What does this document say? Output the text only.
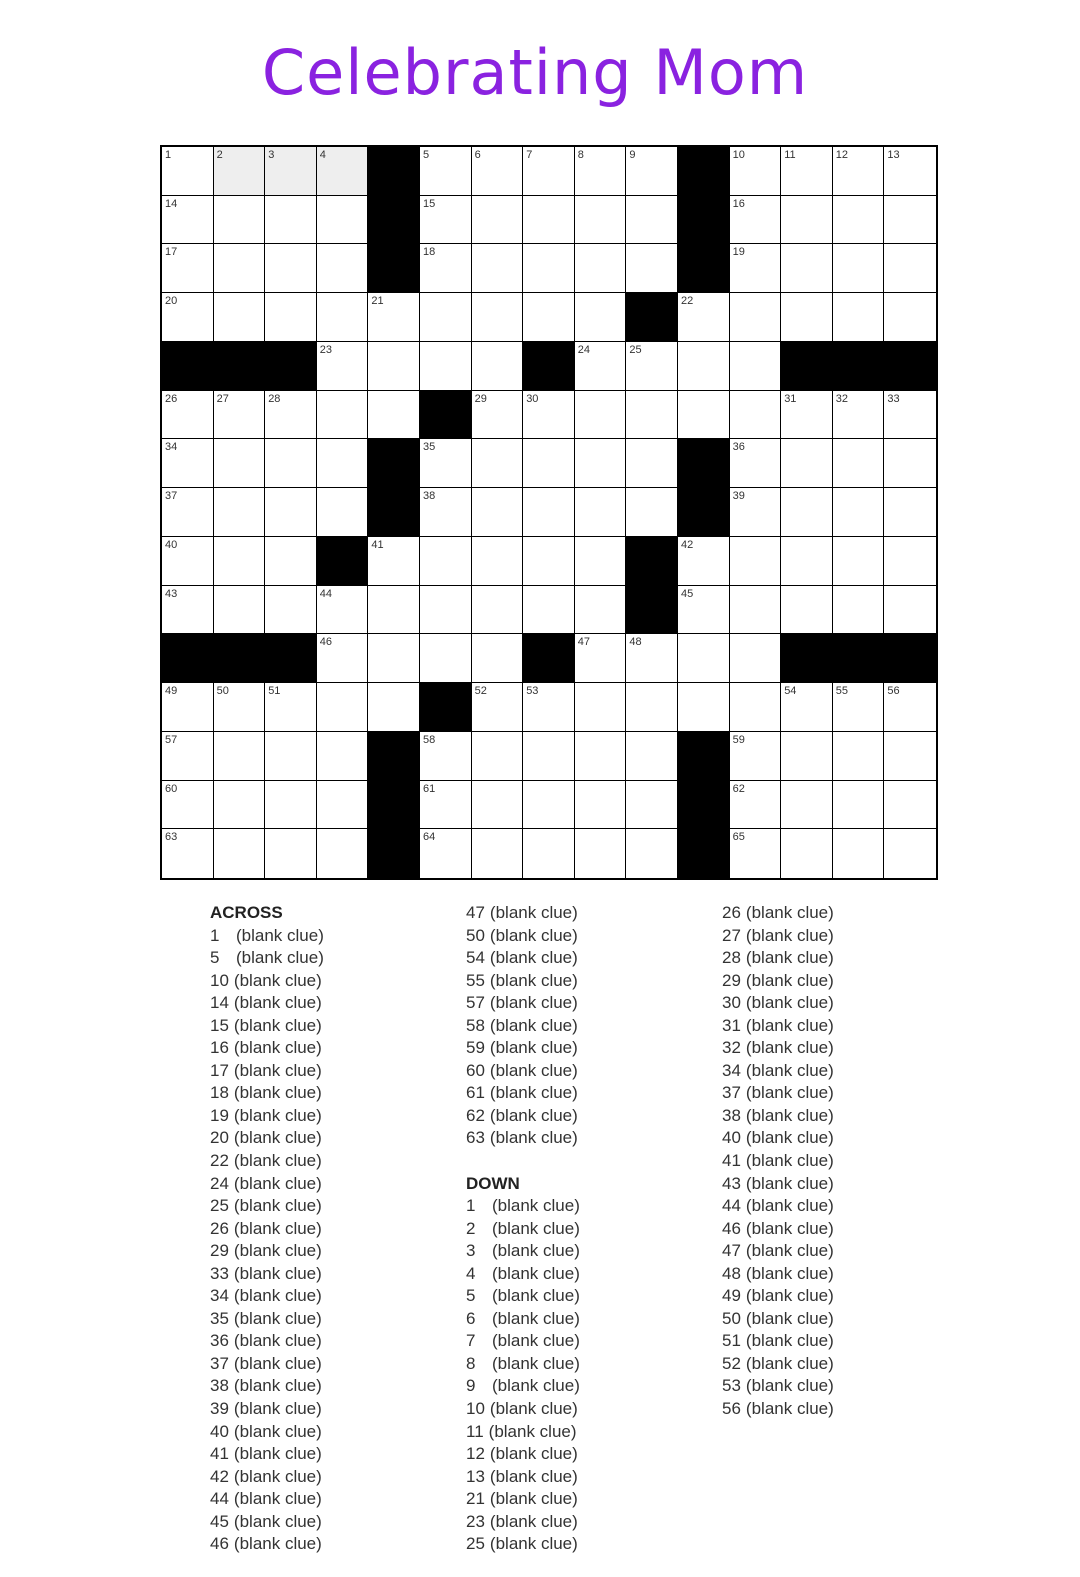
Celebrating Mom
1	2	3	4	5	6	7	8	9	10	11	12	13
14	15	16
17	18	19
20	21	22
23	24	25
26	27	28	29	30	31	32	33
34	35	36
37	38	39
40	41	42
43	44	45
46	47	48
49	50	51	52	53	54	55	56
57	58	59
60	61	62
63	64	65
ACROSS
1 (blank clue)
5 (blank clue)
10 (blank clue)
14 (blank clue)
15 (blank clue)
16 (blank clue)
17 (blank clue)
18 (blank clue)
19 (blank clue)
20 (blank clue)
22 (blank clue)
24 (blank clue)
25 (blank clue)
26 (blank clue)
29 (blank clue)
33 (blank clue)
34 (blank clue)
35 (blank clue)
36 (blank clue)
37 (blank clue)
38 (blank clue)
39 (blank clue)
40 (blank clue)
41 (blank clue)
42 (blank clue)
44 (blank clue)
45 (blank clue)
46 (blank clue)
47 (blank clue)
50 (blank clue)
54 (blank clue)
55 (blank clue)
57 (blank clue)
58 (blank clue)
59 (blank clue)
60 (blank clue)
61 (blank clue)
62 (blank clue)
63 (blank clue)
DOWN
1 (blank clue)
2 (blank clue)
3 (blank clue)
4 (blank clue)
5 (blank clue)
6 (blank clue)
7 (blank clue)
8 (blank clue)
9 (blank clue)
10 (blank clue)
11 (blank clue)
12 (blank clue)
13 (blank clue)
21 (blank clue)
23 (blank clue)
25 (blank clue)
26 (blank clue)
27 (blank clue)
28 (blank clue)
29 (blank clue)
30 (blank clue)
31 (blank clue)
32 (blank clue)
34 (blank clue)
37 (blank clue)
38 (blank clue)
40 (blank clue)
41 (blank clue)
43 (blank clue)
44 (blank clue)
46 (blank clue)
47 (blank clue)
48 (blank clue)
49 (blank clue)
50 (blank clue)
51 (blank clue)
52 (blank clue)
53 (blank clue)
56 (blank clue)
